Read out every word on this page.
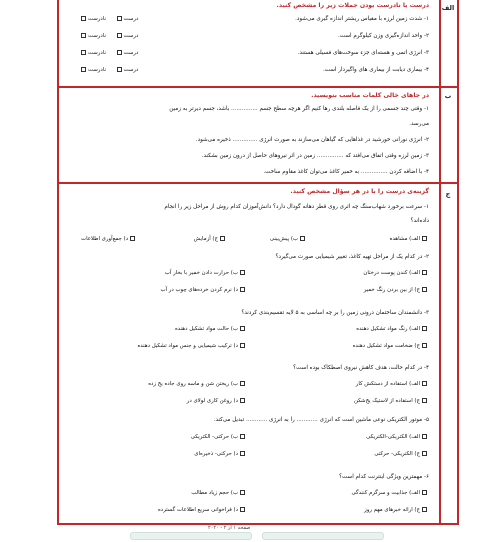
الف
درست یا نادرست بودن جملات زیر را مشخص کنید.
۱- شدت زمین لرزه با مقیاس ریشتر اندازه گیری می‌شود.
۲- واحد اندازه‌گیری وزن کیلوگرم است.
۳- انرژی اتمی و هسته‌ای جزء سوخت‌های فسیلی هستند.
۴- بیماری دیابت از بیماری های واگیردار است.
درست     نادرست
درست     نادرست
درست     نادرست
درست     نادرست
ب
در جاهای خالی کلمات مناسب بنویسید.
۱- وقتی چند جسمی را از یک فاصله بلندی رها کنیم اگر هرچه سطح جسم ............... باشد، جسم دیرتر به زمین
می‌رسد.
۲- انرژی نورانی خورشید در غذاهایی که گیاهان می‌سازند به صورت انرژی .............. ذخیره می‌شود.
۳- زمین لرزه وقتی اتفاق می‌افتد که ............... زمین در اثر نیروهای حاصل از درون زمین بشکند.
۴- با اضافه کردن ............... به خمیر کاغذ می‌توان کاغذ مقاوم ساخت.
ج
گزینه‌ی درست را با در هر سؤال مشخص کنید.
۱- سرعت برخورد شهاب‌سنگ چه اثری روی قطر دهانه گودال دارد؟ دانش‌آموزان کدام روش از مراحل زیر را انجام
داده‌اند؟
الف) مشاهده
ب) پیش‌بینی
ج) آزمایش
د) جمع‌آوری اطلاعات
۲- در کدام یک از مراحل تهیه کاغذ، تغییر شیمیایی صورت می‌گیرد؟
الف) کندن پوست درختان
ب) حرارت دادن خمیر با بخار آب
ج) از بین بردن رنگ خمیر
د) نرم کردن خرده‌های چوب در آب
۳- دانشمندان ساختمان درونی زمین را بر چه اساسی به ۵ لایه تقسیم‌بندی کردند؟
الف) رنگ مواد تشکیل دهنده
ب) حالت مواد تشکیل دهنده
ج) ضخامت مواد تشکیل دهنده
د) ترکیب شیمیایی و جنس مواد تشکیل دهنده
۴- در کدام حالت، هدف کاهش نیروی اصطکاک بوده است؟
الف) استفاده از دستکش کار
ب) ریختن شن و ماسه روی جاده یخ زده
ج) استفاده از لاستیک یخ‌شکن
د) روغن کاری لولای در
۵- موتور الکتریکی نوعی ماشین است که انرژی ............ را به انرژی ............ تبدیل می‌کند.
الف) الکتریکی-الکتریکی
ب) حرکتی- الکتریکی
ج) الکتریکی- حرکتی
د) حرکتی- ذخیره‌ای
۶- مهمترین ویژگی اینترنت کدام است؟
الف) جذابیت و سرگرم کنندگی
ب) حجم زیاد مطالب
ج) ارائه خبرهای مهم روز
د) فراخوانی سریع اطلاعات گسترده
صفحه ۱ از ۲ - ۲۰۲۰
